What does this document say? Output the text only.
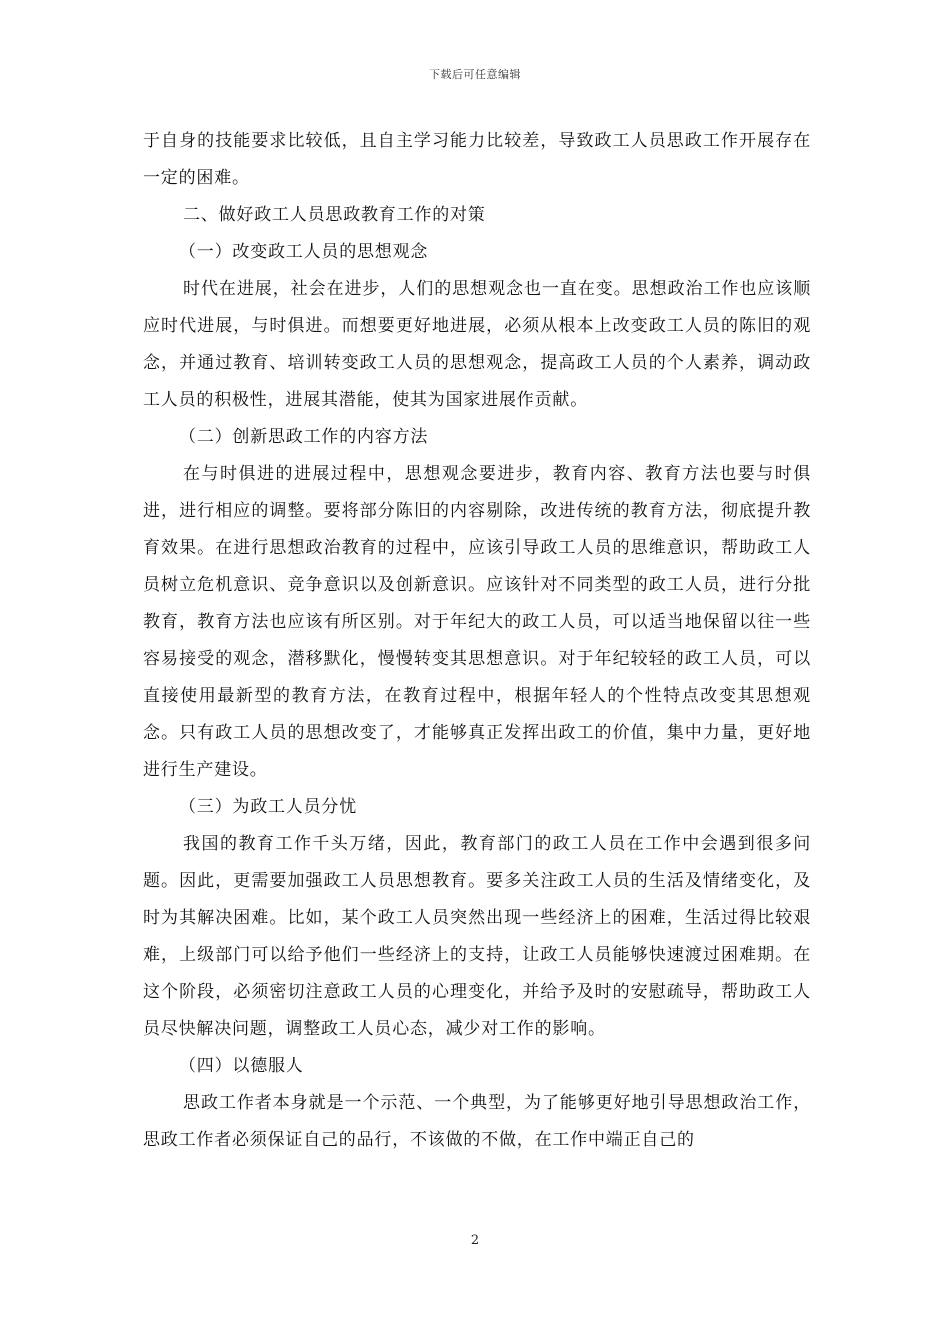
下载后可任意编辑

于自身的技能要求比较低，且自主学习能力比较差，导致政工人员思政工作开展存在一定的困难。

二、做好政工人员思政教育工作的对策

（一）改变政工人员的思想观念

时代在进展，社会在进步，人们的思想观念也一直在变。思想政治工作也应该顺应时代进展，与时俱进。而想要更好地进展，必须从根本上改变政工人员的陈旧的观念，并通过教育、培训转变政工人员的思想观念，提高政工人员的个人素养，调动政工人员的积极性，进展其潜能，使其为国家进展作贡献。

（二）创新思政工作的内容方法

在与时俱进的进展过程中，思想观念要进步，教育内容、教育方法也要与时俱进，进行相应的调整。要将部分陈旧的内容剔除，改进传统的教育方法，彻底提升教育效果。在进行思想政治教育的过程中，应该引导政工人员的思维意识，帮助政工人员树立危机意识、竞争意识以及创新意识。应该针对不同类型的政工人员，进行分批教育，教育方法也应该有所区别。对于年纪大的政工人员，可以适当地保留以往一些容易接受的观念，潜移默化，慢慢转变其思想意识。对于年纪较轻的政工人员，可以直接使用最新型的教育方法，在教育过程中，根据年轻人的个性特点改变其思想观念。只有政工人员的思想改变了，才能够真正发挥出政工的价值，集中力量，更好地进行生产建设。

（三）为政工人员分忧

我国的教育工作千头万绪，因此，教育部门的政工人员在工作中会遇到很多问题。因此，更需要加强政工人员思想教育。要多关注政工人员的生活及情绪变化，及时为其解决困难。比如，某个政工人员突然出现一些经济上的困难，生活过得比较艰难，上级部门可以给予他们一些经济上的支持，让政工人员能够快速渡过困难期。在这个阶段，必须密切注意政工人员的心理变化，并给予及时的安慰疏导，帮助政工人员尽快解决问题，调整政工人员心态，减少对工作的影响。

（四）以德服人

思政工作者本身就是一个示范、一个典型，为了能够更好地引导思想政治工作，思政工作者必须保证自己的品行，不该做的不做，在工作中端正自己的

2
